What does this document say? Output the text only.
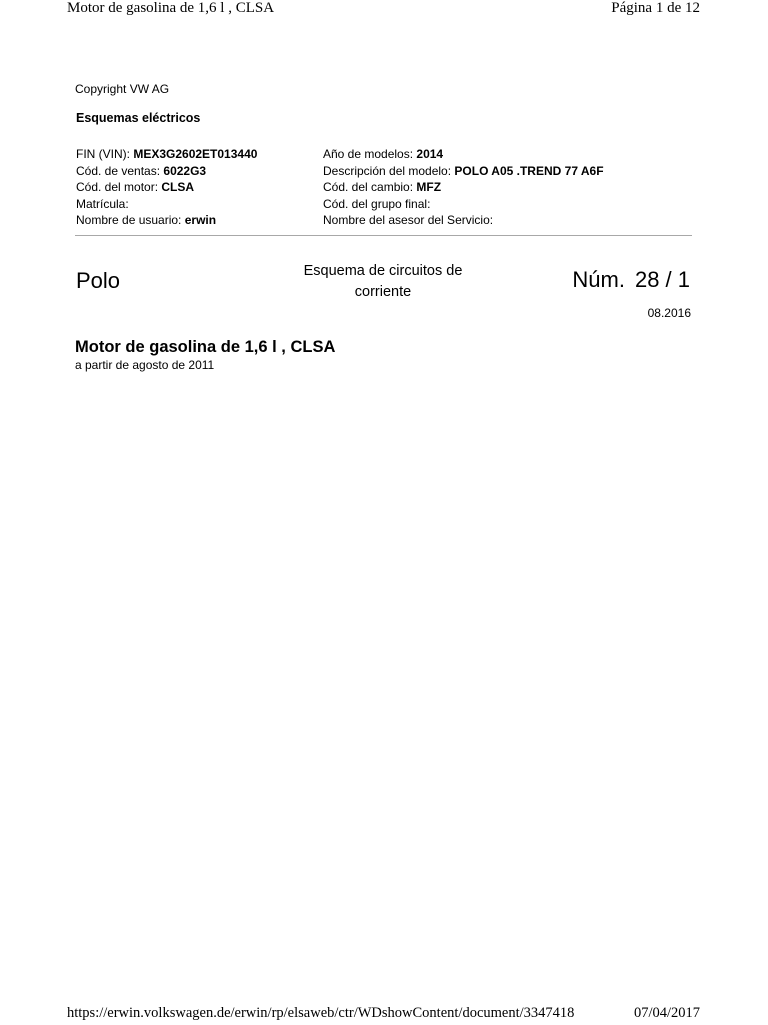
Motor de gasolina de 1,6 l , CLSA	Página 1 de 12
Copyright VW AG
Esquemas eléctricos
FIN (VIN): MEX3G2602ET013440
Cód. de ventas: 6022G3
Cód. del motor: CLSA
Matrícula:
Nombre de usuario: erwin
Año de modelos: 2014
Descripción del modelo: POLO A05 .TREND 77 A6F
Cód. del cambio: MFZ
Cód. del grupo final:
Nombre del asesor del Servicio:
Polo	Esquema de circuitos de
corriente	Núm. 28 / 1
08.2016
Motor de gasolina de 1,6 l , CLSA
a partir de agosto de 2011
https://erwin.volkswagen.de/erwin/rp/elsaweb/ctr/WDshowContent/document/3347418	07/04/2017
